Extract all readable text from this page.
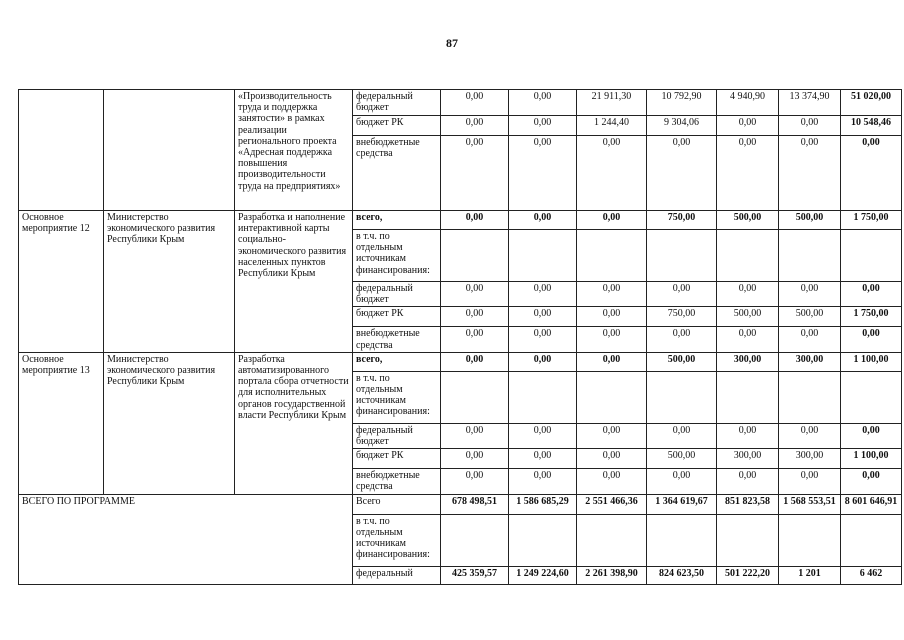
87
		«Производительность труда и поддержка занятости» в рамках реализации регионального проекта «Адресная поддержка повышения производительности труда на предприятиях»	федеральный бюджет	0,00	0,00	21 911,30	10 792,90	4 940,90	13 374,90	51 020,00
			бюджет РК	0,00	0,00	1 244,40	9 304,06	0,00	0,00	10 548,46
			внебюджетные средства	0,00	0,00	0,00	0,00	0,00	0,00	0,00
Основное мероприятие 12	Министерство экономического развития Республики Крым	Разработка и наполнение интерактивной карты социально-экономического развития населенных пунктов Республики Крым	всего,	0,00	0,00	0,00	750,00	500,00	500,00	1 750,00
			в т.ч. по отдельным источникам финансирования:							
			федеральный бюджет	0,00	0,00	0,00	0,00	0,00	0,00	0,00
			бюджет РК	0,00	0,00	0,00	750,00	500,00	500,00	1 750,00
			внебюджетные средства	0,00	0,00	0,00	0,00	0,00	0,00	0,00
Основное мероприятие 13	Министерство экономического развития Республики Крым	Разработка автоматизированного портала сбора отчетности для исполнительных органов государственной власти Республики Крым	всего,	0,00	0,00	0,00	500,00	300,00	300,00	1 100,00
			в т.ч. по отдельным источникам финансирования:							
			федеральный бюджет	0,00	0,00	0,00	0,00	0,00	0,00	0,00
			бюджет РК	0,00	0,00	0,00	500,00	300,00	300,00	1 100,00
			внебюджетные средства	0,00	0,00	0,00	0,00	0,00	0,00	0,00
ВСЕГО ПО ПРОГРАММЕ			Всего	678 498,51	1 586 685,29	2 551 466,36	1 364 619,67	851 823,58	1 568 553,51	8 601 646,91
			в т.ч. по отдельным источникам финансирования:							
			федеральный	425 359,57	1 249 224,60	2 261 398,90	824 623,50	501 222,20	1 201	6 462
